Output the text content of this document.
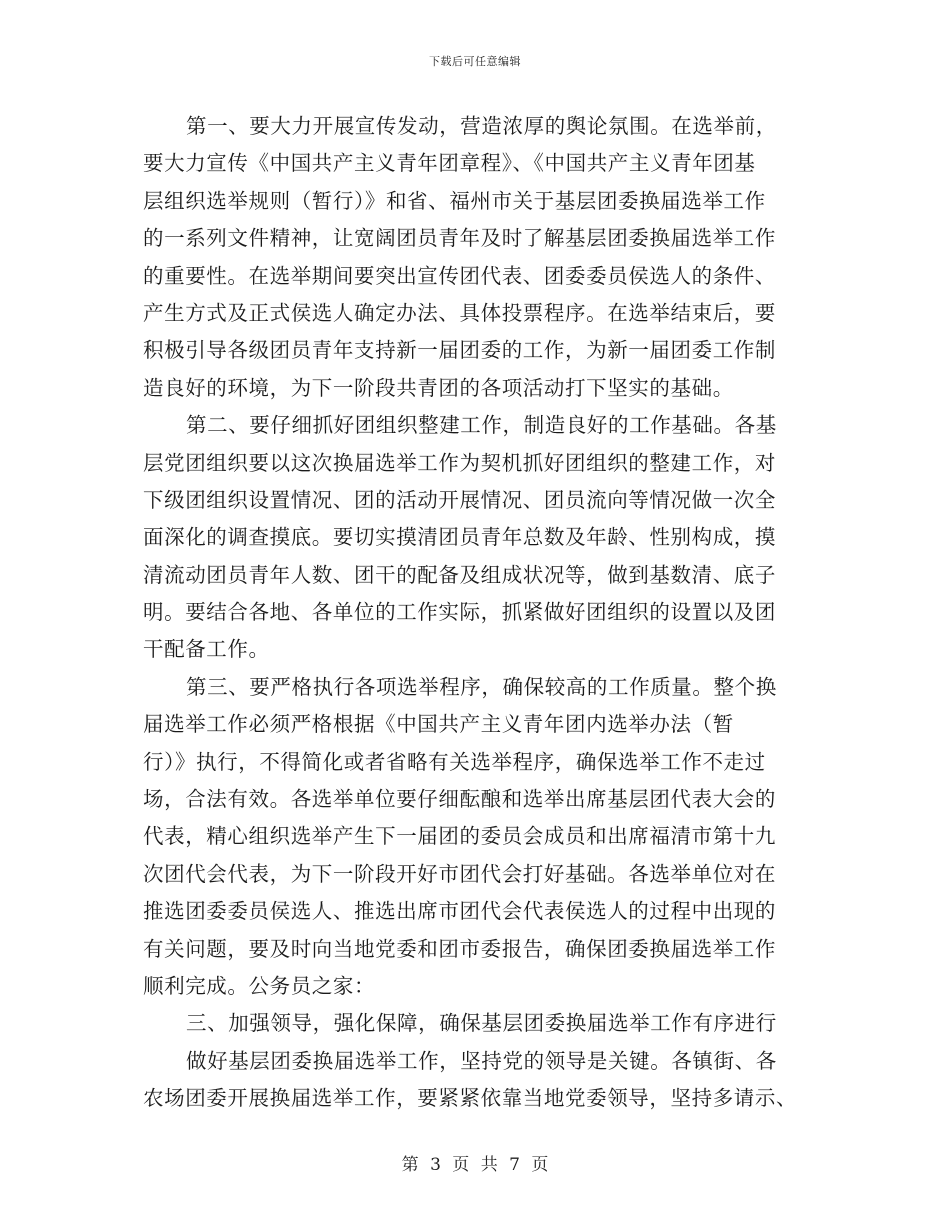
下载后可任意编辑
第一、要大力开展宣传发动，营造浓厚的舆论氛围。在选举前，
要大力宣传《中国共产主义青年团章程》、《中国共产主义青年团基
层组织选举规则（暂行）》和省、福州市关于基层团委换届选举工作
的一系列文件精神，让宽阔团员青年及时了解基层团委换届选举工作
的重要性。在选举期间要突出宣传团代表、团委委员侯选人的条件、
产生方式及正式侯选人确定办法、具体投票程序。在选举结束后，要
积极引导各级团员青年支持新一届团委的工作，为新一届团委工作制
造良好的环境，为下一阶段共青团的各项活动打下坚实的基础。
第二、要仔细抓好团组织整建工作，制造良好的工作基础。各基
层党团组织要以这次换届选举工作为契机抓好团组织的整建工作，对
下级团组织设置情况、团的活动开展情况、团员流向等情况做一次全
面深化的调查摸底。要切实摸清团员青年总数及年龄、性别构成，摸
清流动团员青年人数、团干的配备及组成状况等，做到基数清、底子
明。要结合各地、各单位的工作实际，抓紧做好团组织的设置以及团
干配备工作。
第三、要严格执行各项选举程序，确保较高的工作质量。整个换
届选举工作必须严格根据《中国共产主义青年团内选举办法（暂
行）》执行，不得简化或者省略有关选举程序，确保选举工作不走过
场，合法有效。各选举单位要仔细酝酿和选举出席基层团代表大会的
代表，精心组织选举产生下一届团的委员会成员和出席福清市第十九
次团代会代表，为下一阶段开好市团代会打好基础。各选举单位对在
推选团委委员侯选人、推选出席市团代会代表侯选人的过程中出现的
有关问题，要及时向当地党委和团市委报告，确保团委换届选举工作
顺利完成。公务员之家：
三、加强领导，强化保障，确保基层团委换届选举工作有序进行
做好基层团委换届选举工作，坚持党的领导是关键。各镇街、各
农场团委开展换届选举工作，要紧紧依靠当地党委领导，坚持多请示、
第 3 页 共 7 页
